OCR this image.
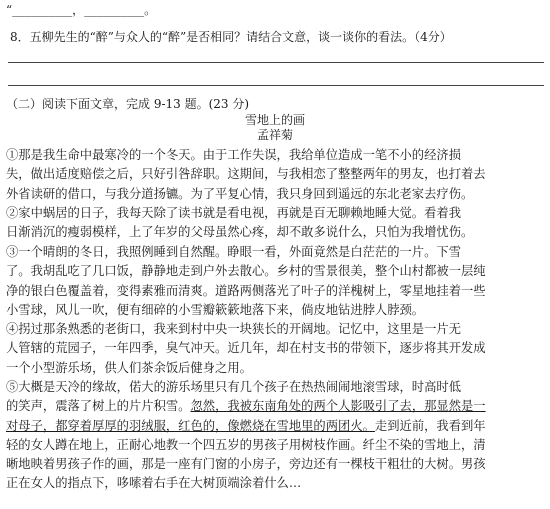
“__________，__________。
8．五柳先生的“醉”与众人的“醉”是否相同？请结合文意，谈一谈你的看法。（4分）
（二）阅读下面文章，完成 9-13 题。(23 分)
雪地上的画
孟祥菊
①那是我生命中最寒冷的一个冬天。由于工作失误，我给单位造成一笔不小的经济损
失，做出适度赔偿之后，只好引咎辞职。这期间，与我相恋了整整两年的男友，也打着去
外省读研的借口，与我分道扬镳。为了平复心情，我只身回到遥远的东北老家去疗伤。
②家中蜗居的日子，我每天除了读书就是看电视，再就是百无聊赖地睡大觉。看着我
日渐消沉的瘦弱模样，上了年岁的父母虽然心疼，却不敢多说什么，只怕为我增忧伤。
③一个晴朗的冬日，我照例睡到自然醒。睁眼一看，外面竟然是白茫茫的一片。下雪
了。我胡乱吃了几口饭，静静地走到户外去散心。乡村的雪景很美，整个山村都被一层纯
净的银白色覆盖着，变得素雅而清爽。道路两侧落光了叶子的洋槐树上，零星地挂着一些
小雪球，风儿一吹，便有细碎的小雪瓣簌簌地落下来，倘皮地钻进脖人脖颈。
④拐过那条熟悉的老街口，我来到村中央一块狭长的开阔地。记忆中，这里是一片无
人管辖的荒园子，一年四季，臭气冲天。近几年，却在村支书的带领下，逐步将其开发成
一个小型游乐场，供人们茶余饭后健身之用。
⑤大概是天冷的缘故，偌大的游乐场里只有几个孩子在热热闹闹地滚雪球，时高时低
的笑声，震落了树上的片片积雪。忽然，我被东南角处的两个人影吸引了去，那显然是一
对母子，都穿着厚厚的羽绒服，红色的，像燃烧在雪地里的两团火。走到近前，我看到年
轻的女人蹲在地上，正耐心地教一个四五岁的男孩子用树枝作画。纤尘不染的雪地上，清
晰地映着男孩子作的画，那是一座有门窗的小房子，旁边还有一棵枝干粗壮的大树。男孩
正在女人的指点下，哆嗦着右手在大树顶端涂着什么…
